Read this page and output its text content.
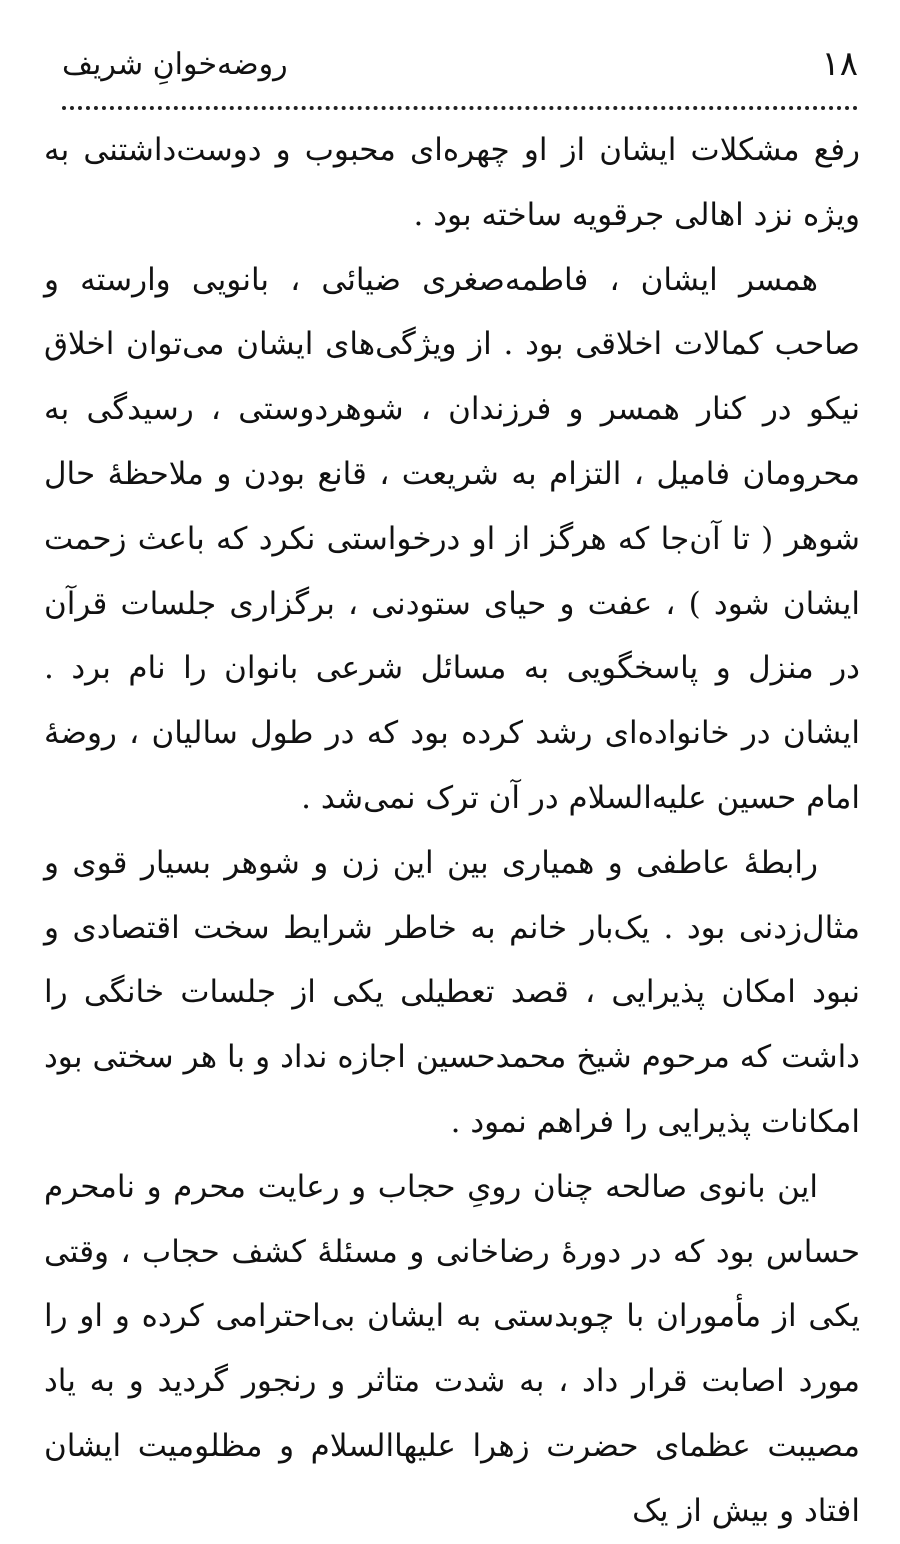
۱۸
روضه‌خوانِ شریف

رفع مشکلات ایشان از او چهره‌ای محبوب و دوست‌داشتنی به ویژه نزد اهالی جرقویه ساخته بود .

همسر ایشان ، فاطمه‌صغری ضیائی ، بانویی وارسته و صاحب کمالات اخلاقی بود . از ویژگی‌های ایشان می‌توان اخلاق نیکو در کنار همسر و فرزندان ، شوهردوستی ، رسیدگی به محرومان فامیل ، التزام به شریعت ، قانع بودن و ملاحظهٔ حال شوهر ( تا آن‌جا که هرگز از او درخواستی نکرد که باعث زحمت ایشان شود ) ، عفت و حیای ستودنی ، برگزاری جلسات قرآن در منزل و پاسخگویی به مسائل شرعی بانوان را نام برد . ایشان در خانواده‌ای رشد کرده بود که در طول سالیان ، روضهٔ امام حسین علیه‌السلام در آن ترک نمی‌شد .

رابطهٔ عاطفی و همیاری بین این زن و شوهر بسیار قوی و مثال‌زدنی بود . یک‌بار خانم به خاطر شرایط سخت اقتصادی و نبود امکان پذیرایی ، قصد تعطیلی یکی از جلسات خانگی را داشت که مرحوم شیخ محمدحسین اجازه نداد و با هر سختی بود امکانات پذیرایی را فراهم نمود .

این بانوی صالحه چنان رویِ حجاب و رعایت محرم و نامحرم حساس بود که در دورهٔ رضاخانی و مسئلهٔ کشف حجاب ، وقتی یکی از مأموران با چوبدستی به ایشان بی‌احترامی کرده و او را مورد اصابت قرار داد ، به شدت متاثر و رنجور گردید و به یاد مصیبت عظمای حضرت زهرا علیهاالسلام و مظلومیت ایشان افتاد و بیش از یک
